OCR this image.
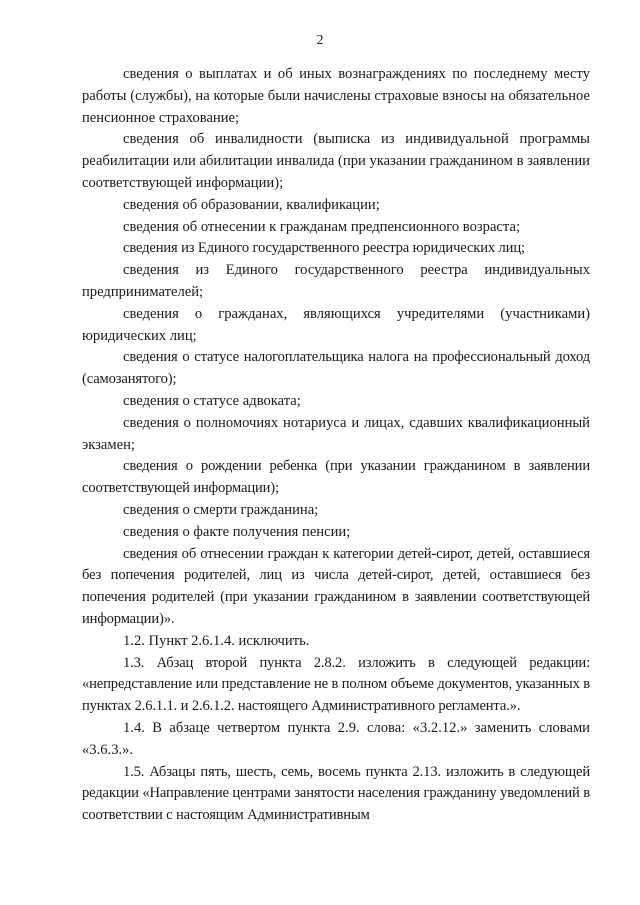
2

сведения о выплатах и об иных вознаграждениях по последнему месту работы (службы), на которые были начислены страховые взносы на обязательное пенсионное страхование;

сведения об инвалидности (выписка из индивидуальной программы реабилитации или абилитации инвалида (при указании гражданином в заявлении соответствующей информации);

сведения об образовании, квалификации;

сведения об отнесении к гражданам предпенсионного возраста;

сведения из Единого государственного реестра юридических лиц;

сведения из Единого государственного реестра индивидуальных предпринимателей;

сведения о гражданах, являющихся учредителями (участниками) юридических лиц;

сведения о статусе налогоплательщика налога на профессиональный доход (самозанятого);

сведения о статусе адвоката;

сведения о полномочиях нотариуса и лицах, сдавших квалификационный экзамен;

сведения о рождении ребенка (при указании гражданином в заявлении соответствующей информации);

сведения о смерти гражданина;

сведения о факте получения пенсии;

сведения об отнесении граждан к категории детей-сирот, детей, оставшиеся без попечения родителей, лиц из числа детей-сирот, детей, оставшиеся без попечения родителей (при указании гражданином в заявлении соответствующей информации)».

1.2. Пункт 2.6.1.4. исключить.

1.3. Абзац второй пункта 2.8.2. изложить в следующей редакции: «непредставление или представление не в полном объеме документов, указанных в пунктах 2.6.1.1. и 2.6.1.2. настоящего Административного регламента.».

1.4. В абзаце четвертом пункта 2.9. слова: «3.2.12.» заменить словами «3.6.3.».

1.5. Абзацы пять, шесть, семь, восемь пункта 2.13. изложить в следующей редакции «Направление центрами занятости населения гражданину уведомлений в соответствии с настоящим Административным
